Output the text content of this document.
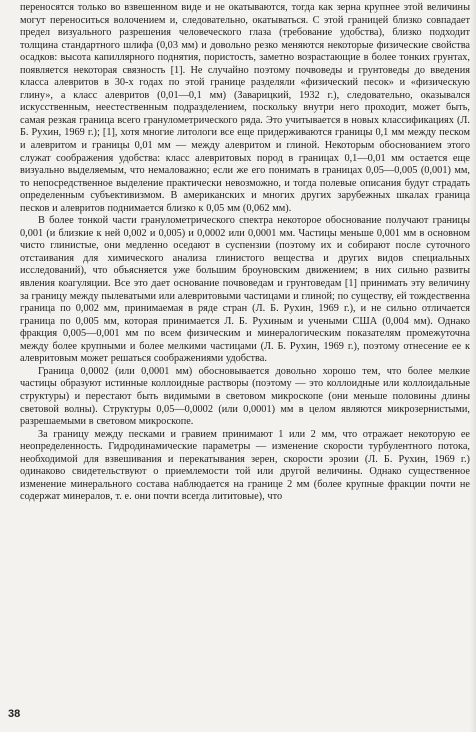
переносятся только во взвешенном виде и не окатываются, тогда как зерна крупнее этой величины могут переноситься волочением и, следовательно, окатываться. С этой границей близко совпадает предел визуального разрешения человеческого глаза (требование удобства), близко подходит толщина стандартного шлифа (0,03 мм) и довольно резко меняются некоторые физические свойства осадков: высота капиллярного поднятия, пористость, заметно возрастающие в более тонких грунтах, появляется некоторая связность [1]. Не случайно поэтому почвоведы и грунтоведы до введения класса алевритов в 30-х годах по этой границе разделяли «физический песок» и «физическую глину», а класс алевритов (0,01—0,1 мм) (Заварицкий, 1932 г.), следовательно, оказывался искусственным, неестественным подразделением, поскольку внутри него проходит, может быть, самая резкая граница всего гранулометрического ряда. Это учитывается в новых классификациях (Л. Б. Рухин, 1969 г.); [1], хотя многие литологи все еще придерживаются границы 0,1 мм между песком и алевритом и границы 0,01 мм — между алевритом и глиной. Некоторым обоснованием этого служат соображения удобства: класс алевритовых пород в границах 0,1—0,01 мм остается еще визуально выделяемым, что немаловажно; если же его понимать в границах 0,05—0,005 (0,001) мм, то непосредственное выделение практически невозможно, и тогда полевые описания будут страдать определенным субъективизмом. В американских и многих других зарубежных шкалах граница песков и алевритов поднимается близко к 0,05 мм (0,062 мм).

В более тонкой части гранулометрического спектра некоторое обоснование получают границы 0,001 (и близкие к ней 0,002 и 0,005) и 0,0002 или 0,0001 мм. Частицы меньше 0,001 мм в основном чисто глинистые, они медленно оседают в суспензии (поэтому их и собирают после суточного отстаивания для химического анализа глинистого вещества и других видов специальных исследований), что объясняется уже большим броуновским движением; в них сильно развиты явления коагуляции. Все это дает основание почвоведам и грунтоведам [1] принимать эту величину за границу между пылеватыми или алевритовыми частицами и глиной; по существу, ей тождественна граница по 0,002 мм, принимаемая в ряде стран (Л. Б. Рухин, 1969 г.), и не сильно отличается граница по 0,005 мм, которая принимается Л. Б. Рухиным и учеными США (0,004 мм). Однако фракция 0,005—0,001 мм по всем физическим и минералогическим показателям промежуточна между более крупными и более мелкими частицами (Л. Б. Рухин, 1969 г.), поэтому отнесение ее к алевритовым может решаться соображениями удобства.

Граница 0,0002 (или 0,0001 мм) обосновывается довольно хорошо тем, что более мелкие частицы образуют истинные коллоидные растворы (поэтому — это коллоидные или коллоидальные структуры) и перестают быть видимыми в световом микроскопе (они меньше половины длины световой волны). Структуры 0,05—0,0002 (или 0,0001) мм в целом являются микрозернистыми, разрешаемыми в световом микроскопе.

За границу между песками и гравием принимают 1 или 2 мм, что отражает некоторую ее неопределенность. Гидродинамические параметры — изменение скорости турбулентного потока, необходимой для взвешивания и перекатывания зерен, скорости эрозии (Л. Б. Рухин, 1969 г.) одинаково свидетельствуют о приемлемости той или другой величины. Однако существенное изменение минерального состава наблюдается на границе 2 мм (более крупные фракции почти не содержат минералов, т. е. они почти всегда лититовые), что

38
